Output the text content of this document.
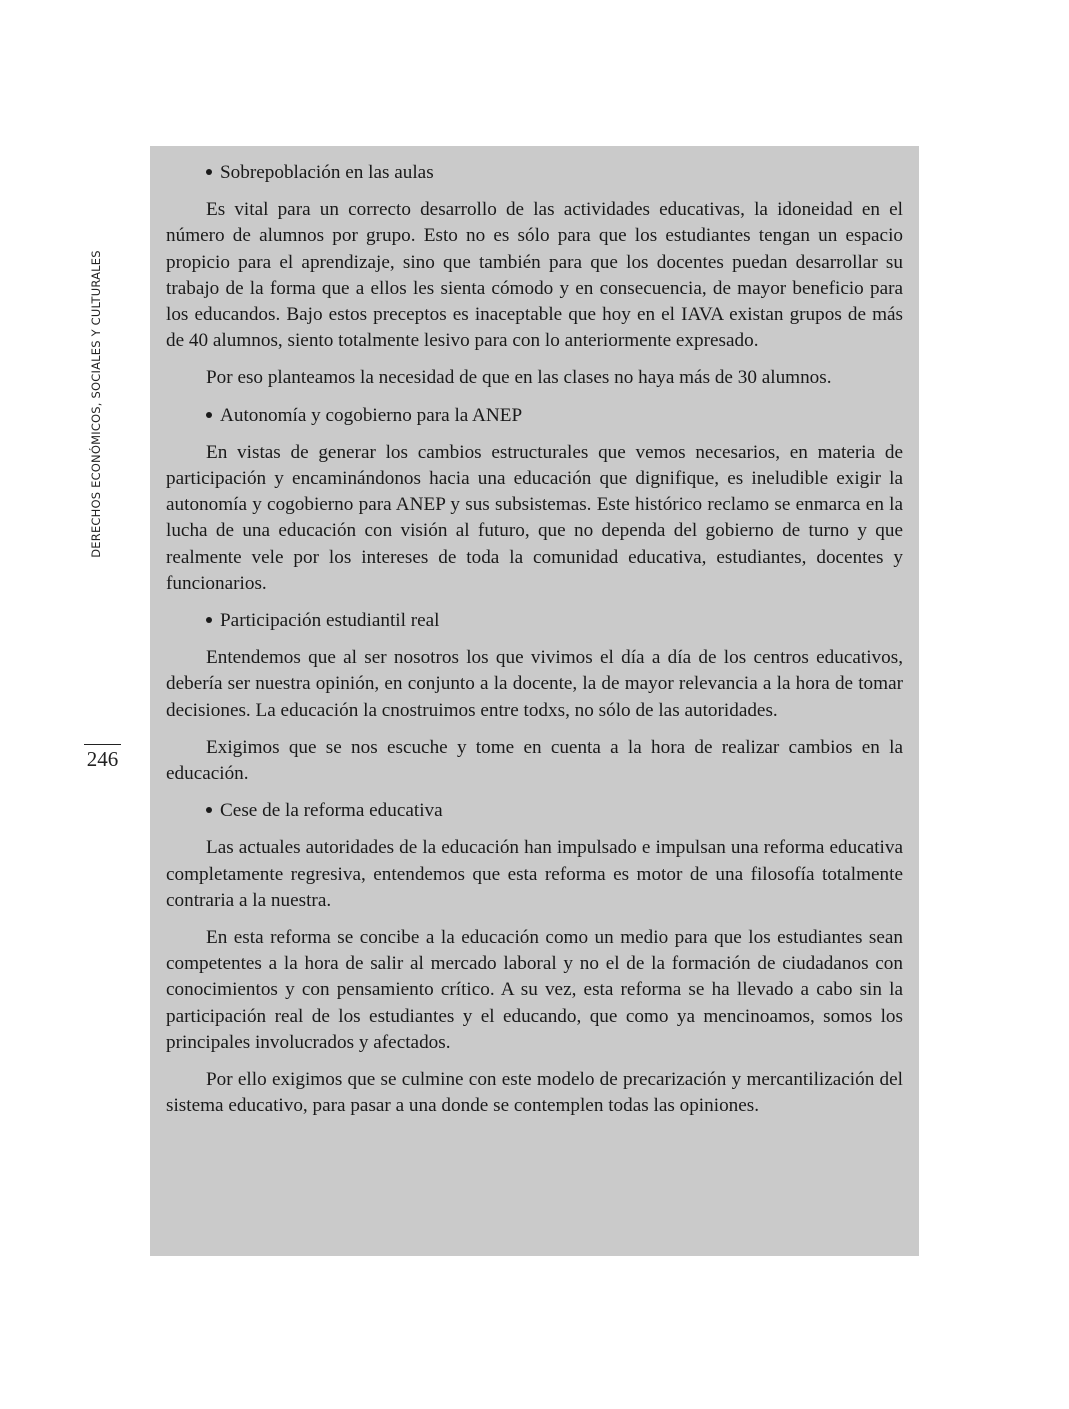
DERECHOS ECONÓMICOS, SOCIALES Y CULTURALES
246
Sobrepoblación en las aulas

Es vital para un correcto desarrollo de las actividades educativas, la idoneidad en el número de alumnos por grupo. Esto no es sólo para que los estudiantes tengan un espacio propicio para el aprendizaje, sino que también para que los docentes puedan desarrollar su trabajo de la forma que a ellos les sienta cómodo y en consecuencia, de mayor beneficio para los educandos. Bajo estos preceptos es inaceptable que hoy en el IAVA existan grupos de más de 40 alumnos, siento totalmente lesivo para con lo anteriormente expresado.

Por eso planteamos la necesidad de que en las clases no haya más de 30 alumnos.

Autonomía y cogobierno para la ANEP

En vistas de generar los cambios estructurales que vemos necesarios, en materia de participación y encaminándonos hacia una educación que dignifique, es ineludible exigir la autonomía y cogobierno para ANEP y sus subsistemas. Este histórico reclamo se enmarca en la lucha de una educación con visión al futuro, que no dependa del gobierno de turno y que realmente vele por los intereses de toda la comunidad educativa, estudiantes, docentes y funcionarios.

Participación estudiantil real

Entendemos que al ser nosotros los que vivimos el día a día de los centros educativos, debería ser nuestra opinión, en conjunto a la docente, la de mayor relevancia a la hora de tomar decisiones. La educación la cnostruimos entre todxs, no sólo de las autoridades.

Exigimos que se nos escuche y tome en cuenta a la hora de realizar cambios en la educación.

Cese de la reforma educativa

Las actuales autoridades de la educación han impulsado e impulsan una reforma educativa completamente regresiva, entendemos que esta reforma es motor de una filosofía totalmente contraria a la nuestra.

En esta reforma se concibe a la educación como un medio para que los estudiantes sean competentes a la hora de salir al mercado laboral y no el de la formación de ciudadanos con conocimientos y con pensamiento crítico. A su vez, esta reforma se ha llevado a cabo sin la participación real de los estudiantes y el educando, que como ya mencinoamos, somos los principales involucrados y afectados.

Por ello exigimos que se culmine con este modelo de precarización y mercantilización del sistema educativo, para pasar a una donde se contemplen todas las opiniones.
